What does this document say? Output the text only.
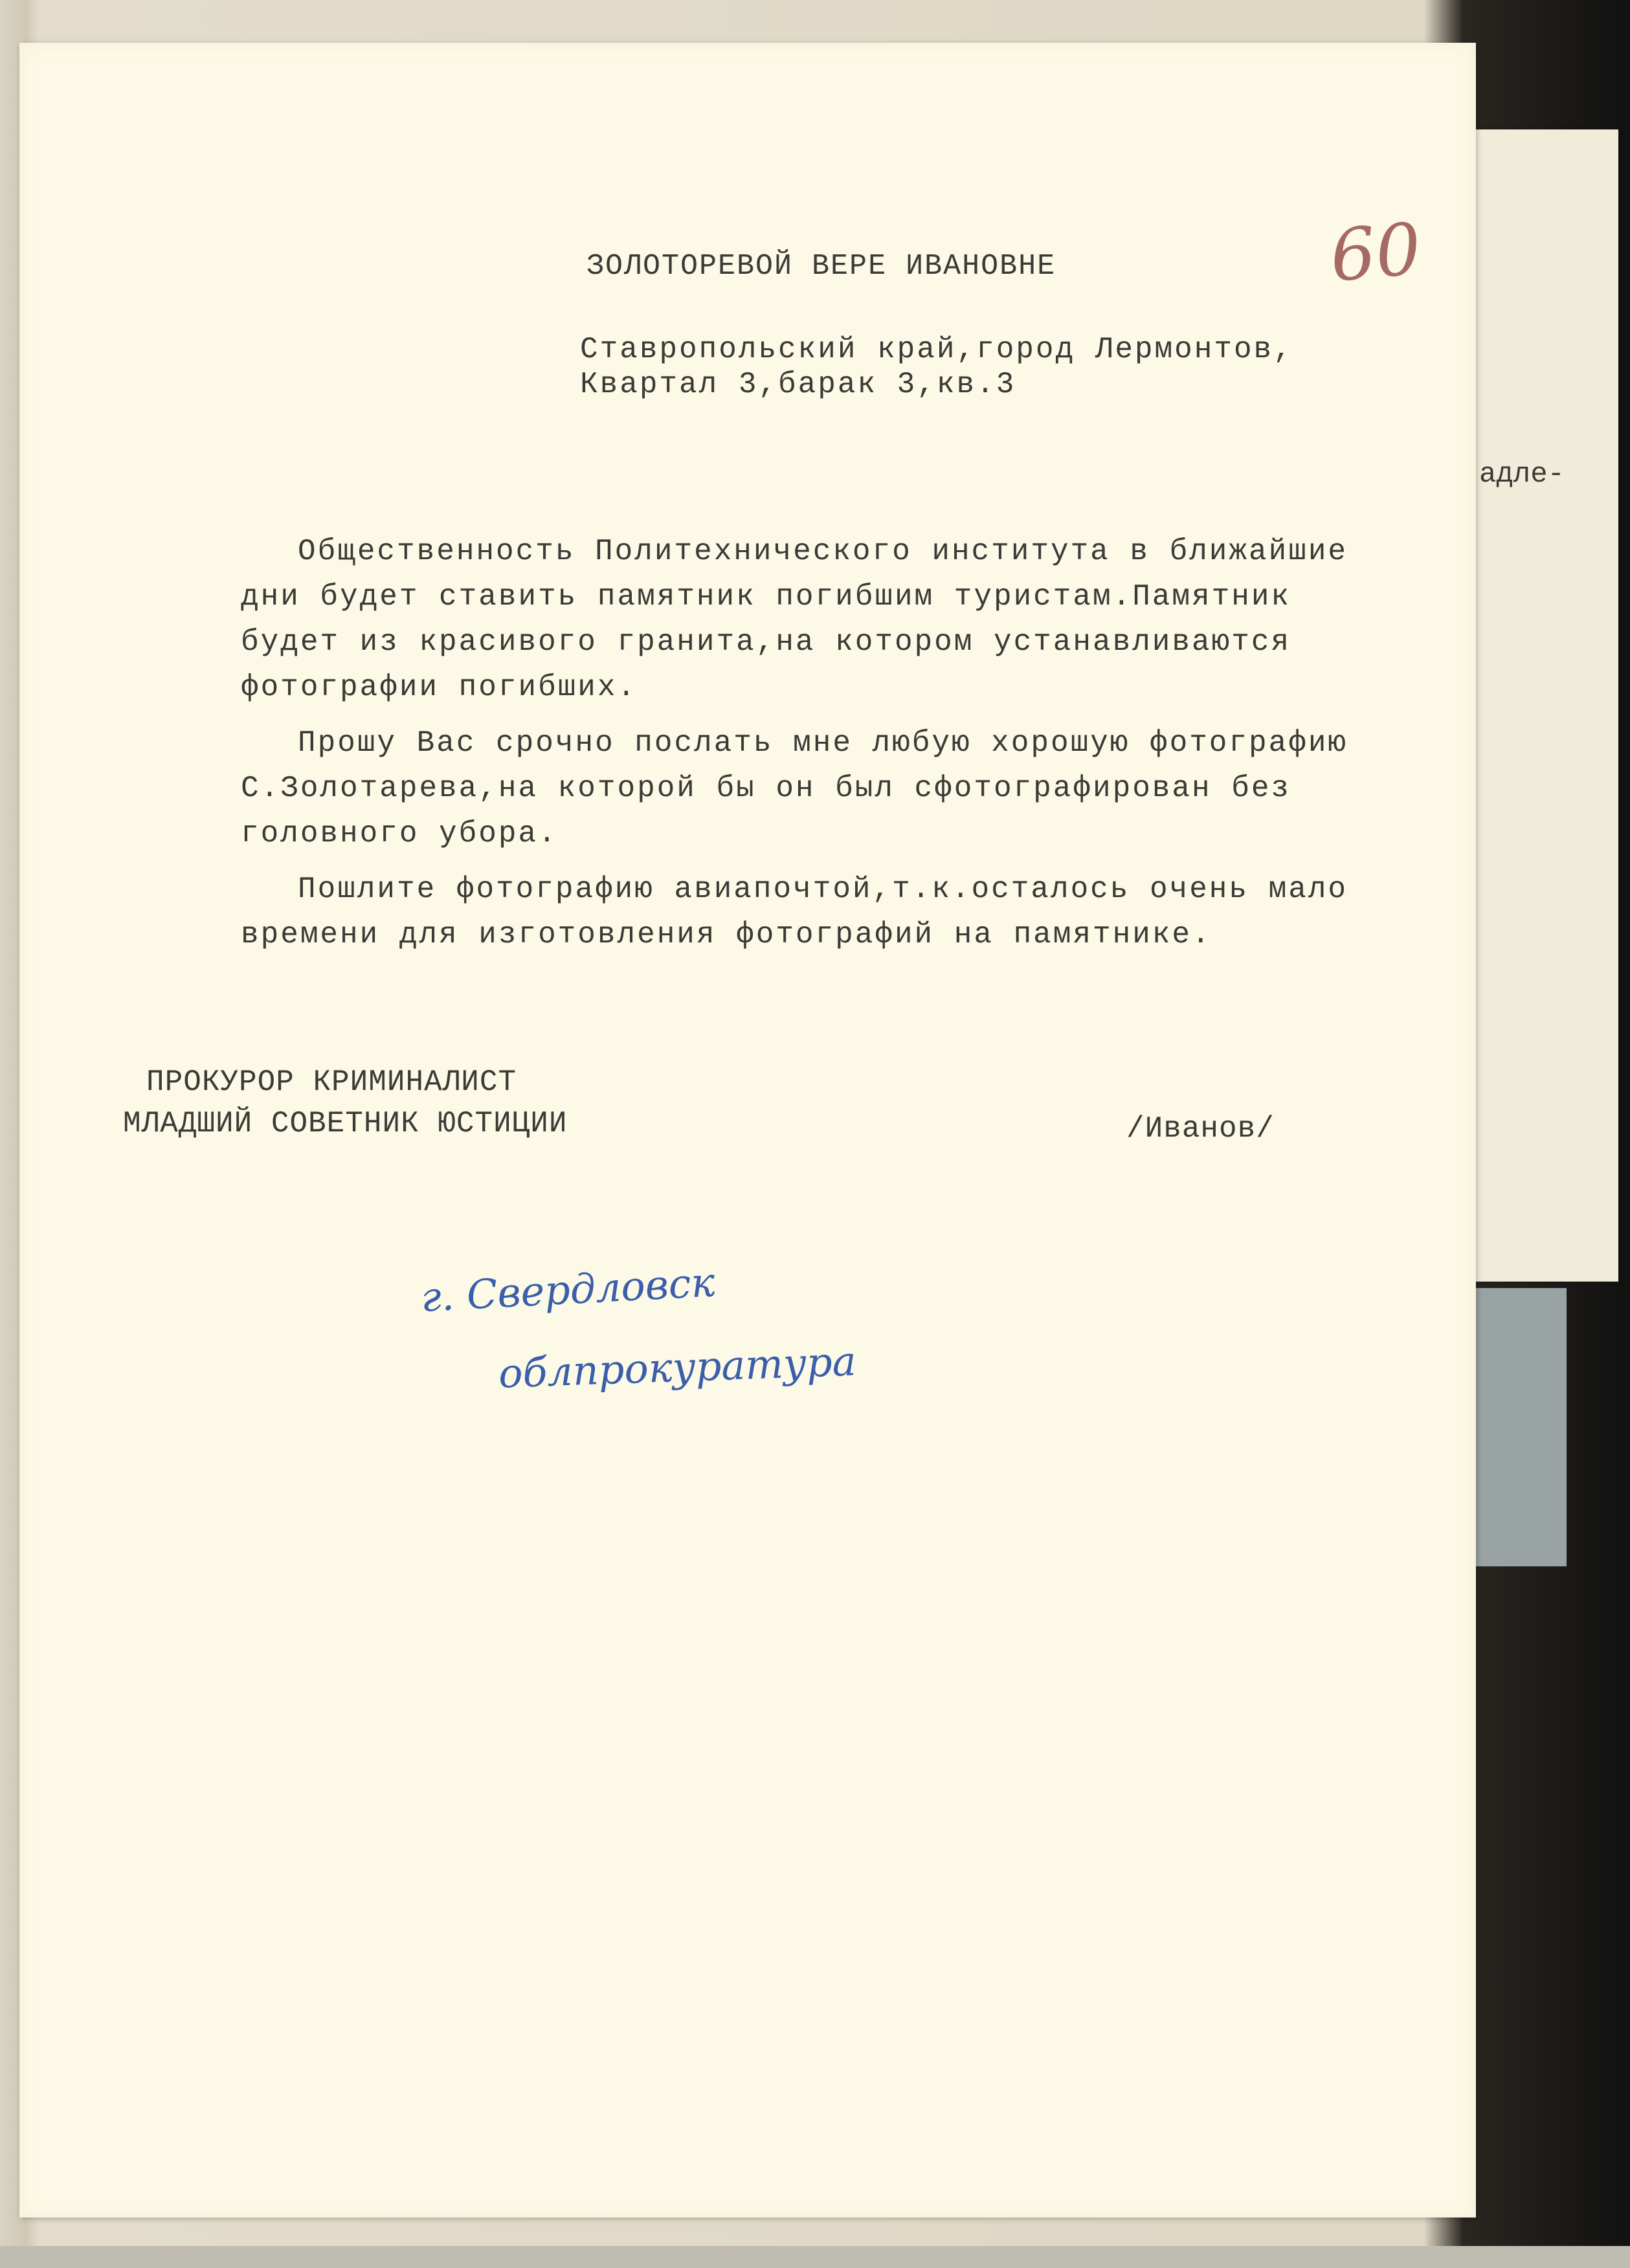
адле-

60

ЗОЛОТОРЕВОЙ ВЕРЕ ИВАНОВНЕ

Ставропольский край,город Лермонтов,

Квартал 3,барак 3,кв.3

Общественность Политехнического института в ближайшие

дни будет ставить памятник погибшим туристам.Памятник

будет из красивого гранита,на котором устанавливаются

фотографии погибших.

Прошу Вас срочно послать мне любую хорошую фотографию

С.Золотарева,на которой бы он был сфотографирован без

головного убора.

Пошлите фотографию авиапочтой,т.к.осталось очень мало

времени для изготовления фотографий на памятнике.

ПРОКУРОР КРИМИНАЛИСТ

МЛАДШИЙ СОВЕТНИК ЮСТИЦИИ	/Иванов/

г. Свердловск

облпрокуратура
